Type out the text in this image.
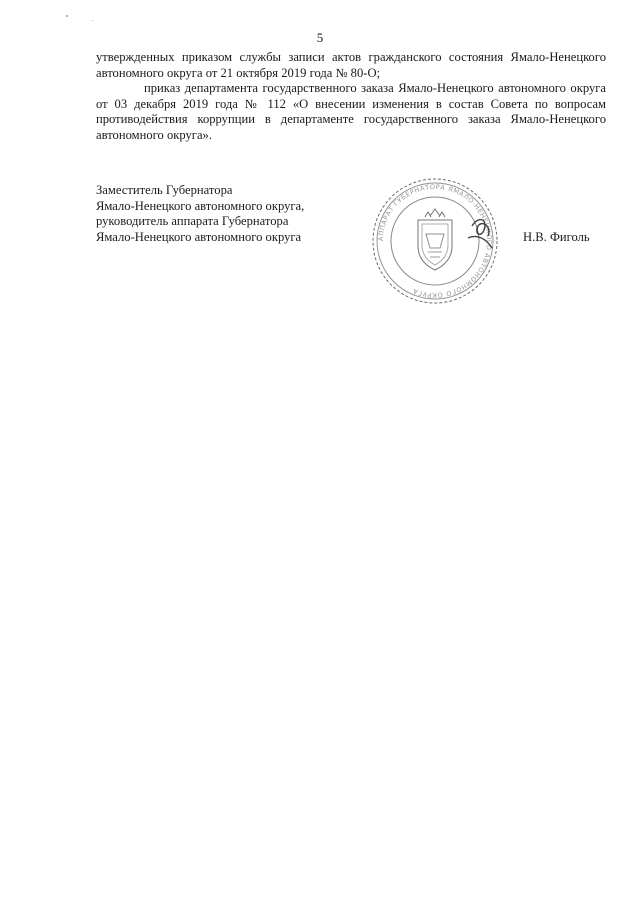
5

утвержденных приказом службы записи актов гражданского состояния Ямало-Ненецкого автономного округа от 21 октября 2019 года № 80-О;

приказ департамента государственного заказа Ямало-Ненецкого автономного округа от 03 декабря 2019 года № 112 «О внесении изменения в состав Совета по вопросам противодействия коррупции в департаменте государственного заказа Ямало-Ненецкого автономного округа».

Заместитель Губернатора
Ямало-Ненецкого автономного округа,
руководитель аппарата Губернатора
Ямало-Ненецкого автономного округа	АППАРАТ ГУБЕРНАТОРА ЯМАЛО-НЕНЕЦКОГО АВТОНОМНОГО ОКРУГА
Н.В. Фиголь
